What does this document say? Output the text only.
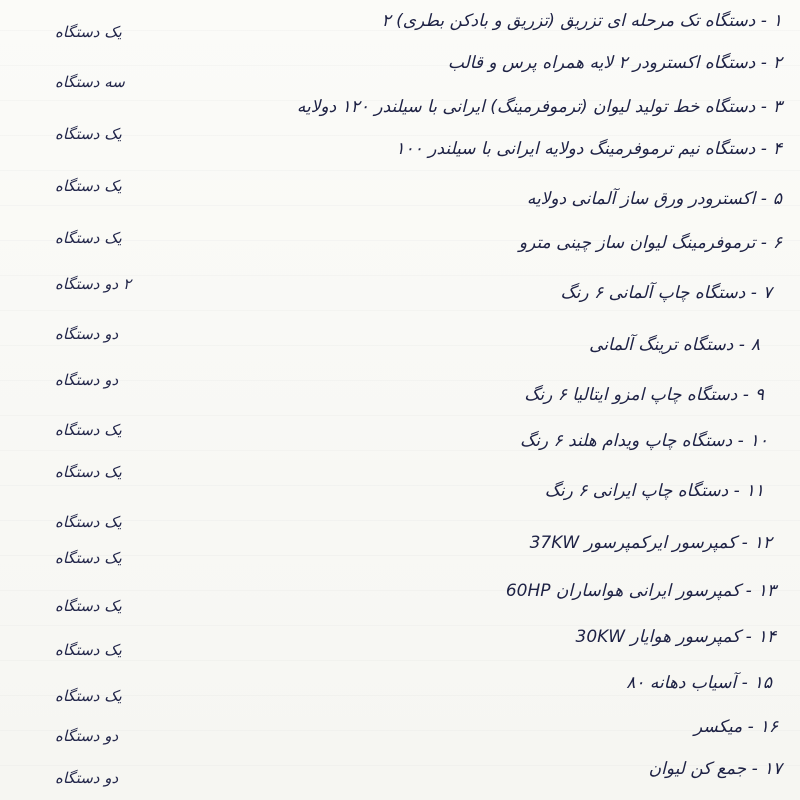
۱- دستگاه تک مرحله ای تزریق (تزریق و بادکن بطری) ۲
یک دستگاه
۲- دستگاه اکسترودر ۲ لایه همراه پرس و قالب
سه دستگاه
۳- دستگاه خط تولید لیوان (ترموفرمینگ) ایرانی با سیلندر ۱۲۰ دولایه
یک دستگاه
۴- دستگاه نیم ترموفرمینگ دولایه ایرانی با سیلندر ۱۰۰
یک دستگاه
۵- اکسترودر ورق ساز آلمانی دولایه
یک دستگاه	۶- ترموفرمینگ لیوان ساز چینی مترو
۲ دو دستگاه	۷- دستگاه چاپ آلمانی ۶ رنگ
دو دستگاه
۸- دستگاه ترینگ آلمانی
دو دستگاه
۹- دستگاه چاپ امزو ایتالیا ۶ رنگ
یک دستگاه
۱۰- دستگاه چاپ ویدام هلند ۶ رنگ
یک دستگاه
۱۱- دستگاه چاپ ایرانی ۶ رنگ
یک دستگاه
۱۲- کمپرسور ایرکمپرسور 37KW
یک دستگاه
۱۳- کمپرسور ایرانی هواساران 60HP
یک دستگاه
۱۴- کمپرسور هوایار 30KW
یک دستگاه
۱۵- آسیاب دهانه ۸۰
یک دستگاه
۱۶- میکسر
دو دستگاه
۱۷- جمع کن لیوان
دو دستگاه
